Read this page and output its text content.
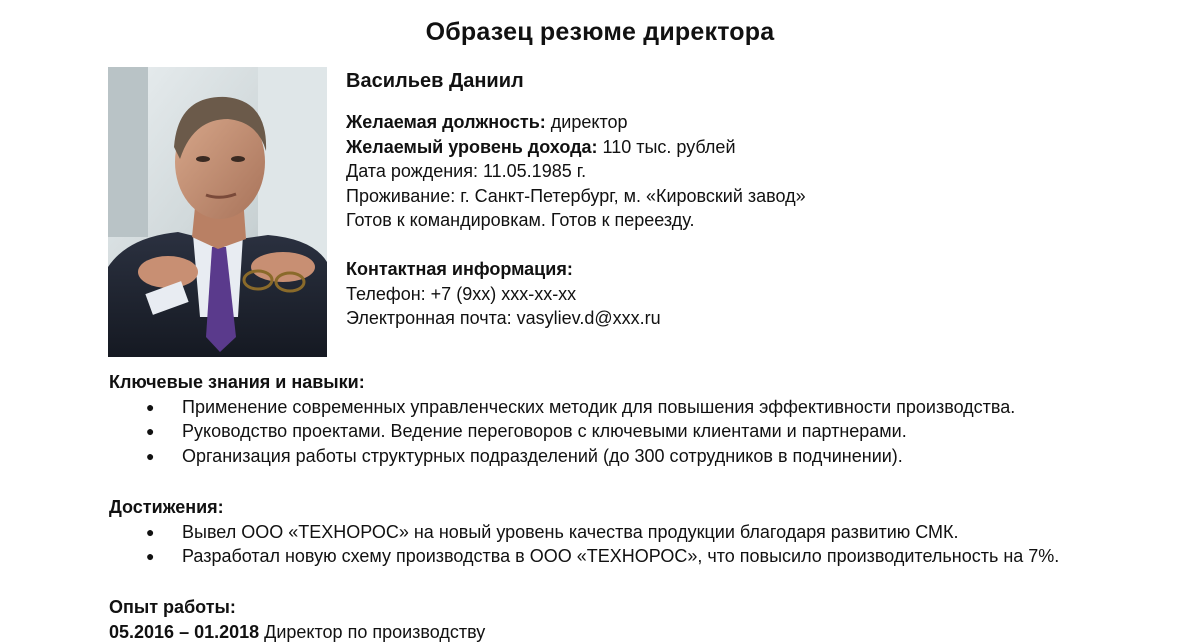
Образец резюме директора
Васильев Даниил
Желаемая должность: директор
Желаемый уровень дохода: 110 тыс. рублей
Дата рождения: 11.05.1985 г.
Проживание: г. Санкт-Петербург, м. «Кировский завод»
Готов к командировкам. Готов к переезду.
Контактная информация:
Телефон: +7 (9хх) ххх-хх-хх
Электронная почта: vasyliev.d@xxx.ru
Ключевые знания и навыки:
● Применение современных управленческих методик для повышения эффективности производства.
● Руководство проектами. Ведение переговоров с ключевыми клиентами и партнерами.
● Организация работы структурных подразделений (до 300 сотрудников в подчинении).
Достижения:
● Вывел ООО «ТЕХНОРОС» на новый уровень качества продукции благодаря развитию СМК.
● Разработал новую схему производства в ООО «ТЕХНОРОС», что повысило производительность на 7%.
Опыт работы:
05.2016 – 01.2018 Директор по производству
